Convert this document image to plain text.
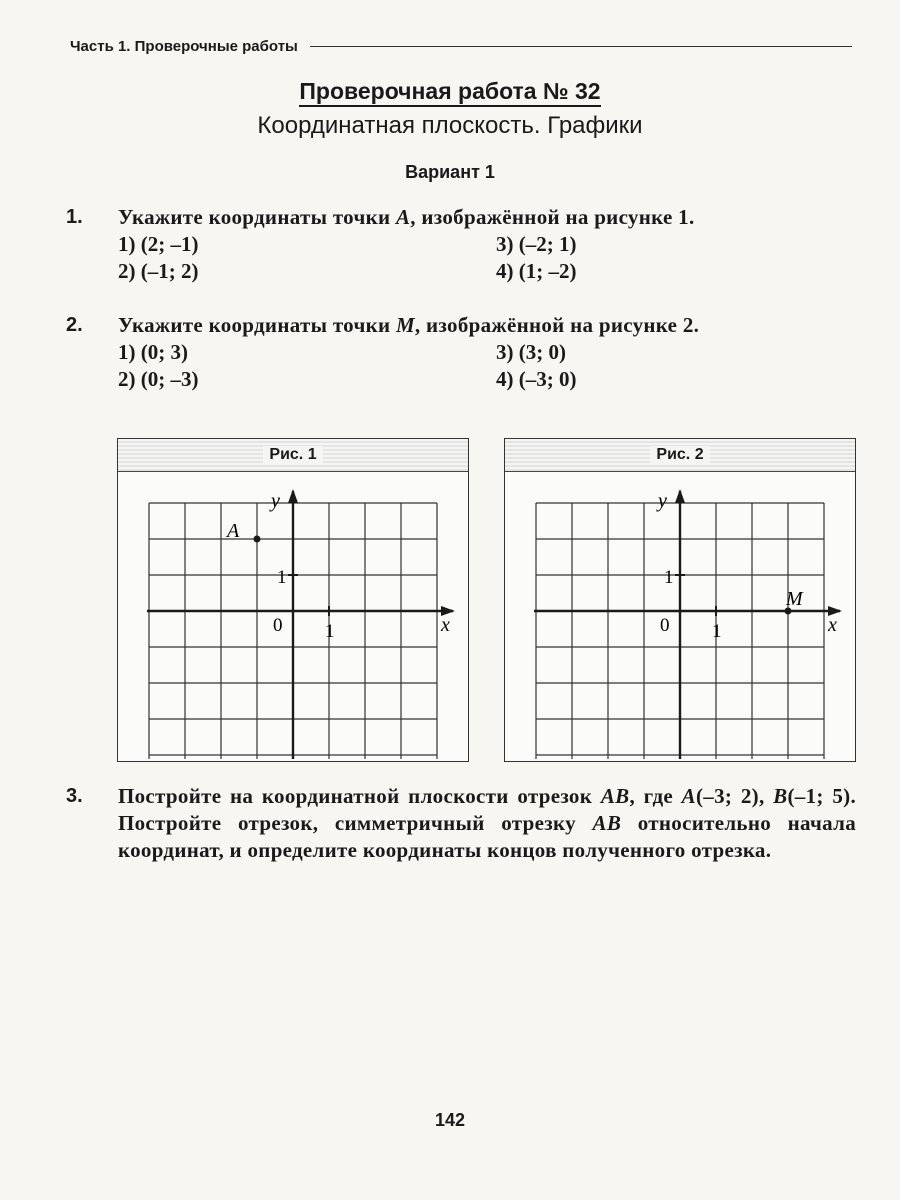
Часть 1. Проверочные работы
Проверочная работа № 32
Координатная плоскость. Графики
Вариант 1
1. Укажите координаты точки A, изображённой на рисунке 1.
1) (2; –1)	3) (–2; 1)
2) (–1; 2)	4) (1; –2)
2. Укажите координаты точки M, изображённой на рисунке 2.
1) (0; 3)	3) (3; 0)
2) (0; –3)	4) (–3; 0)
Рис. 1
x
y
0 1
1
A
Рис. 2
x
y
0 1
1
M
3. Постройте на координатной плоскости отрезок AB, где A(–3; 2), B(–1; 5). Постройте отрезок, симметричный отрезку AB относительно начала координат, и определите координаты концов полученного отрезка.
142
